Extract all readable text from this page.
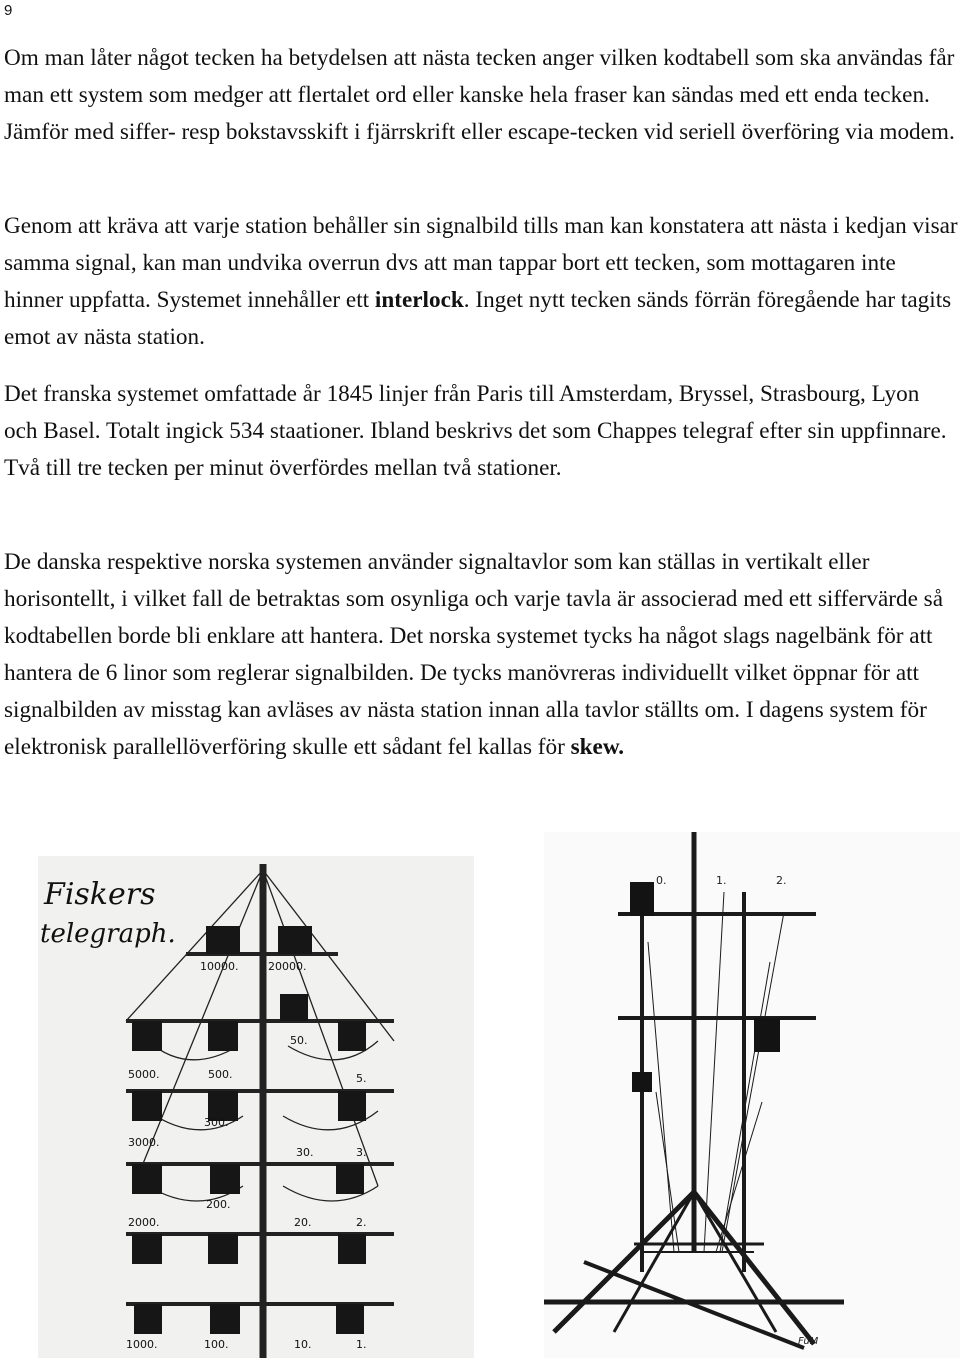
9

Om man låter något tecken ha betydelsen att nästa tecken anger vilken kodtabell som ska användas får man ett system som medger att flertalet ord eller kanske hela fraser kan sändas med ett enda tecken. Jämför med siffer- resp bokstavsskift i fjärrskrift eller escape-tecken vid seriell överföring via modem.

Genom att kräva att varje station behåller sin signalbild tills man kan konstatera att nästa i kedjan visar samma signal, kan man undvika overrun dvs att man tappar bort ett tecken, som mottagaren inte hinner uppfatta. Systemet innehåller ett interlock. Inget nytt tecken sänds förrän föregående har tagits emot av nästa station.

Det franska systemet omfattade år 1845 linjer från Paris till Amsterdam, Bryssel, Strasbourg, Lyon och Basel. Totalt ingick 534 staationer. Ibland beskrivs det som Chappes telegraf efter sin uppfinnare. Två till tre tecken per minut överfördes mellan två stationer.

De danska respektive norska systemen använder signaltavlor som kan ställas in vertikalt eller horisontellt, i vilket fall de betraktas som osynliga och varje tavla är associerad med ett siffervärde så kodtabellen borde bli enklare att hantera. Det norska systemet tycks ha något slags nagelbänk för att hantera de 6 linor som reglerar signalbilden. De tycks manövreras individuellt vilket öppnar för att signalbilden av misstag kan avläses av nästa station innan alla tavlor ställts om. I dagens system för elektronisk parallellöverföring skulle ett sådant fel kallas för skew.

Fiskers
telegraph.
10000.	20000.
50.
5000.	500.	5.
300.
3000.
30.	3.
200.
2000.	20.	2.
1000.	100.	10.	1.
0.	1.	2.
FuM
